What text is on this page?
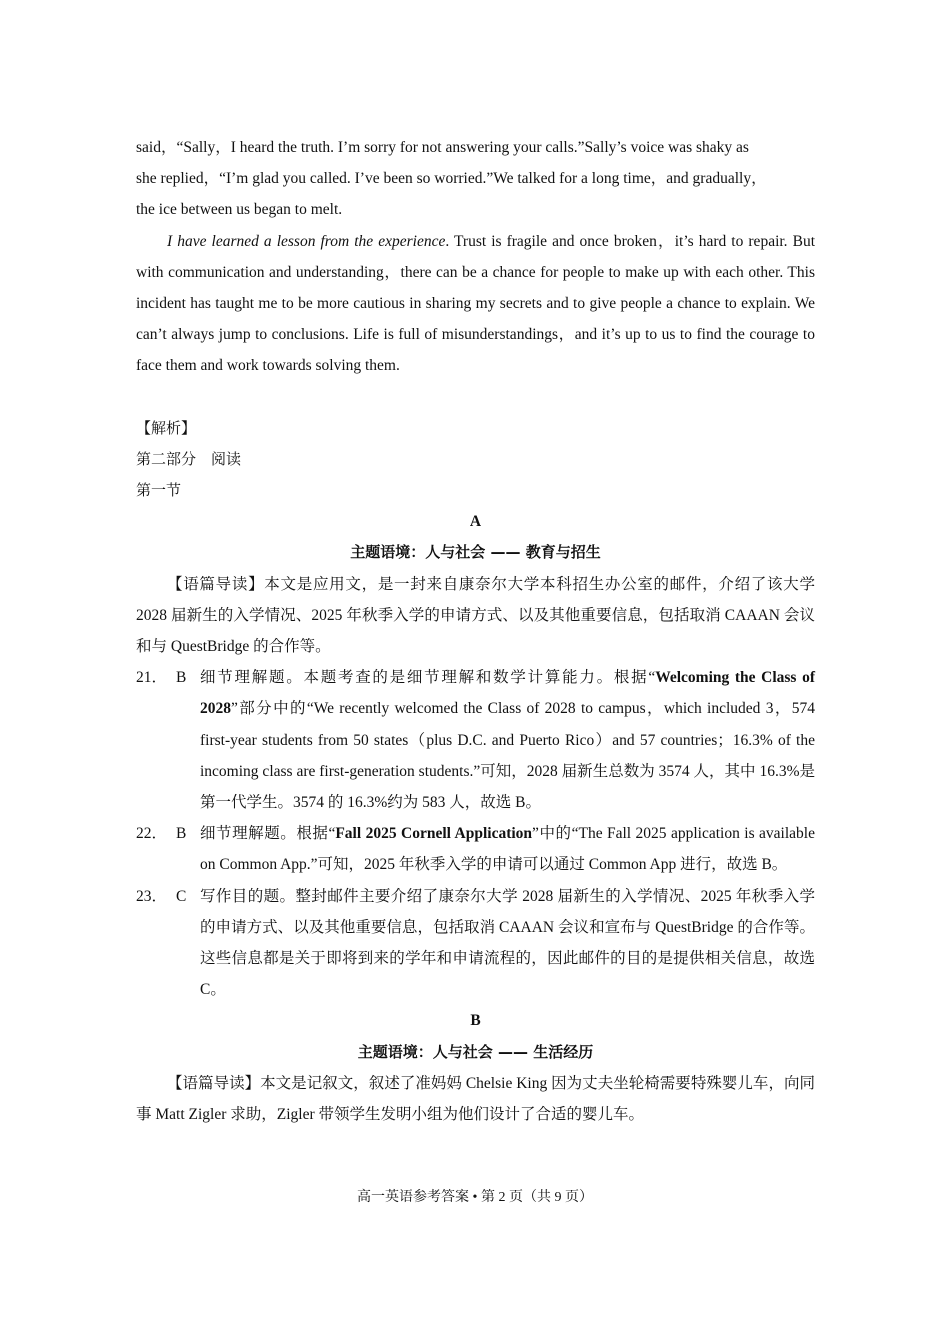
said，“Sally，I heard the truth. I’m sorry for not answering your calls.”Sally’s voice was shaky as

she replied，“I’m glad you called. I’ve been so worried.”We talked for a long time，and gradually，

the ice between us began to melt.

I have learned a lesson from the experience. Trust is fragile and once broken，it’s hard to repair. But with communication and understanding，there can be a chance for people to make up with each other. This incident has taught me to be more cautious in sharing my secrets and to give people a chance to explain. We can’t always jump to conclusions. Life is full of misunderstandings，and it’s up to us to find the courage to face them and work towards solving them.

【解析】

第二部分　阅读

第一节

A

主题语境：人与社会 —— 教育与招生

【语篇导读】本文是应用文，是一封来自康奈尔大学本科招生办公室的邮件，介绍了该大学 2028 届新生的入学情况、2025 年秋季入学的申请方式、以及其他重要信息，包括取消 CAAAN 会议和与 QuestBridge 的合作等。

21． B 细节理解题。本题考查的是细节理解和数学计算能力。根据“Welcoming the Class of 2028”部分中的“We recently welcomed the Class of 2028 to campus，which included 3，574 first-year students from 50 states（plus D.C. and Puerto Rico）and 57 countries；16.3% of the incoming class are first-generation students.”可知，2028 届新生总数为 3574 人，其中 16.3%是第一代学生。3574 的 16.3%约为 583 人，故选 B。
22． B 细节理解题。根据“Fall 2025 Cornell Application”中的“The Fall 2025 application is available on Common App.”可知，2025 年秋季入学的申请可以通过 Common App 进行，故选 B。
23． C 写作目的题。整封邮件主要介绍了康奈尔大学 2028 届新生的入学情况、2025 年秋季入学的申请方式、以及其他重要信息，包括取消 CAAAN 会议和宣布与 QuestBridge 的合作等。这些信息都是关于即将到来的学年和申请流程的，因此邮件的目的是提供相关信息，故选 C。

B

主题语境：人与社会 —— 生活经历

【语篇导读】本文是记叙文，叙述了准妈妈 Chelsie King 因为丈夫坐轮椅需要特殊婴儿车，向同事 Matt Zigler 求助，Zigler 带领学生发明小组为他们设计了合适的婴儿车。

高一英语参考答案 • 第 2 页（共 9 页）
